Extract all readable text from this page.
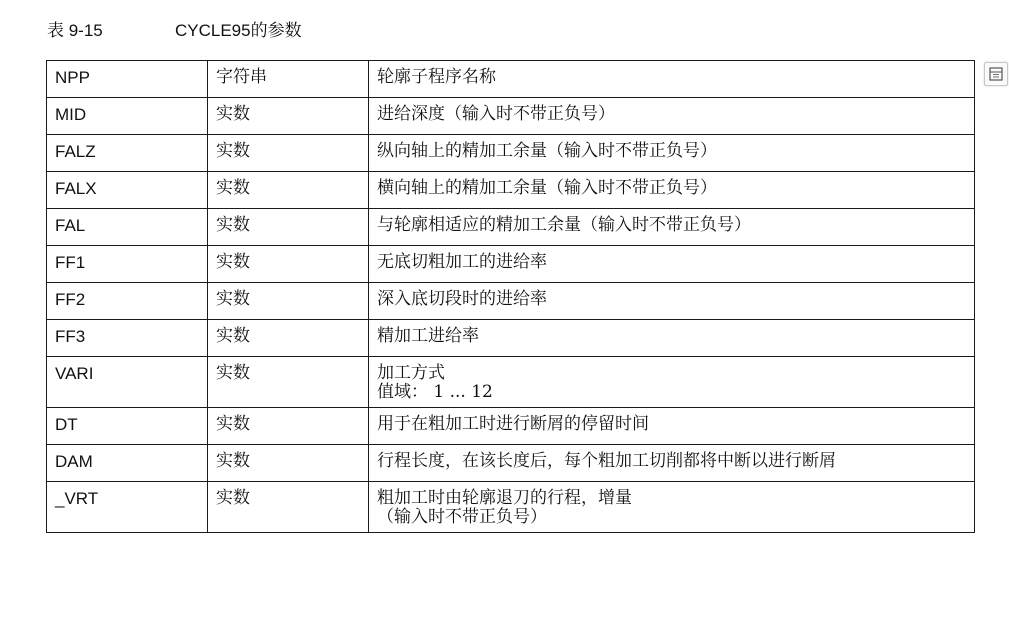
表 9-15	CYCLE95的参数
NPP	字符串	轮廓子程序名称

MID	实数	进给深度（输入时不带正负号）

FALZ	实数	纵向轴上的精加工余量（输入时不带正负号）

FALX	实数	横向轴上的精加工余量（输入时不带正负号）

FAL	实数	与轮廓相适应的精加工余量（输入时不带正负号）

FF1	实数	无底切粗加工的进给率

FF2	实数	深入底切段时的进给率

FF3	实数	精加工进给率

VARI	实数	加工方式
值域： 1 ... 12

DT	实数	用于在粗加工时进行断屑的停留时间

DAM	实数	行程长度，在该长度后，每个粗加工切削都将中断以进行断屑

_VRT	实数	粗加工时由轮廓退刀的行程，增量
（输入时不带正负号）
